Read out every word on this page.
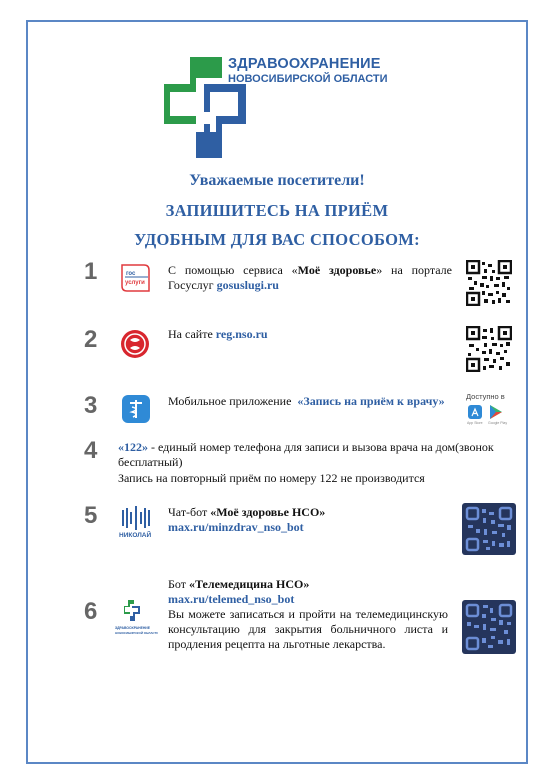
ЗДРАВООХРАНЕНИЕ
НОВОСИБИРСКОЙ ОБЛАСТИ
Уважаемые посетители!
ЗАПИШИТЕСЬ НА ПРИЁМ
УДОБНЫМ ДЛЯ ВАС СПОСОБОМ:
1	гос
услуги
С помощью сервиса «Моё здоровье» на портале Госуслуг gosuslugi.ru
2	На сайте reg.nso.ru
3	Мобильное приложение «Запись на приём к врачу»	Доступно в
App Store Google Play
4 «122» - единый номер телефона для записи и вызова врача на дом(звонок бесплатный)
Запись на повторный приём по номеру 122 не производится
5
НИКОЛАЙ
Чат-бот «Моё здоровье НСО»
max.ru/minzdrav_nso_bot
6
ЗДРАВООХРАНЕНИЕ
НОВОСИБИРСКОЙ ОБЛАСТИ
Бот «Телемедицина НСО»
max.ru/telemed_nso_bot
Вы можете записаться и пройти на телемедицинскую консультацию для закрытия больничного листа и продления рецепта на льготные лекарства.
